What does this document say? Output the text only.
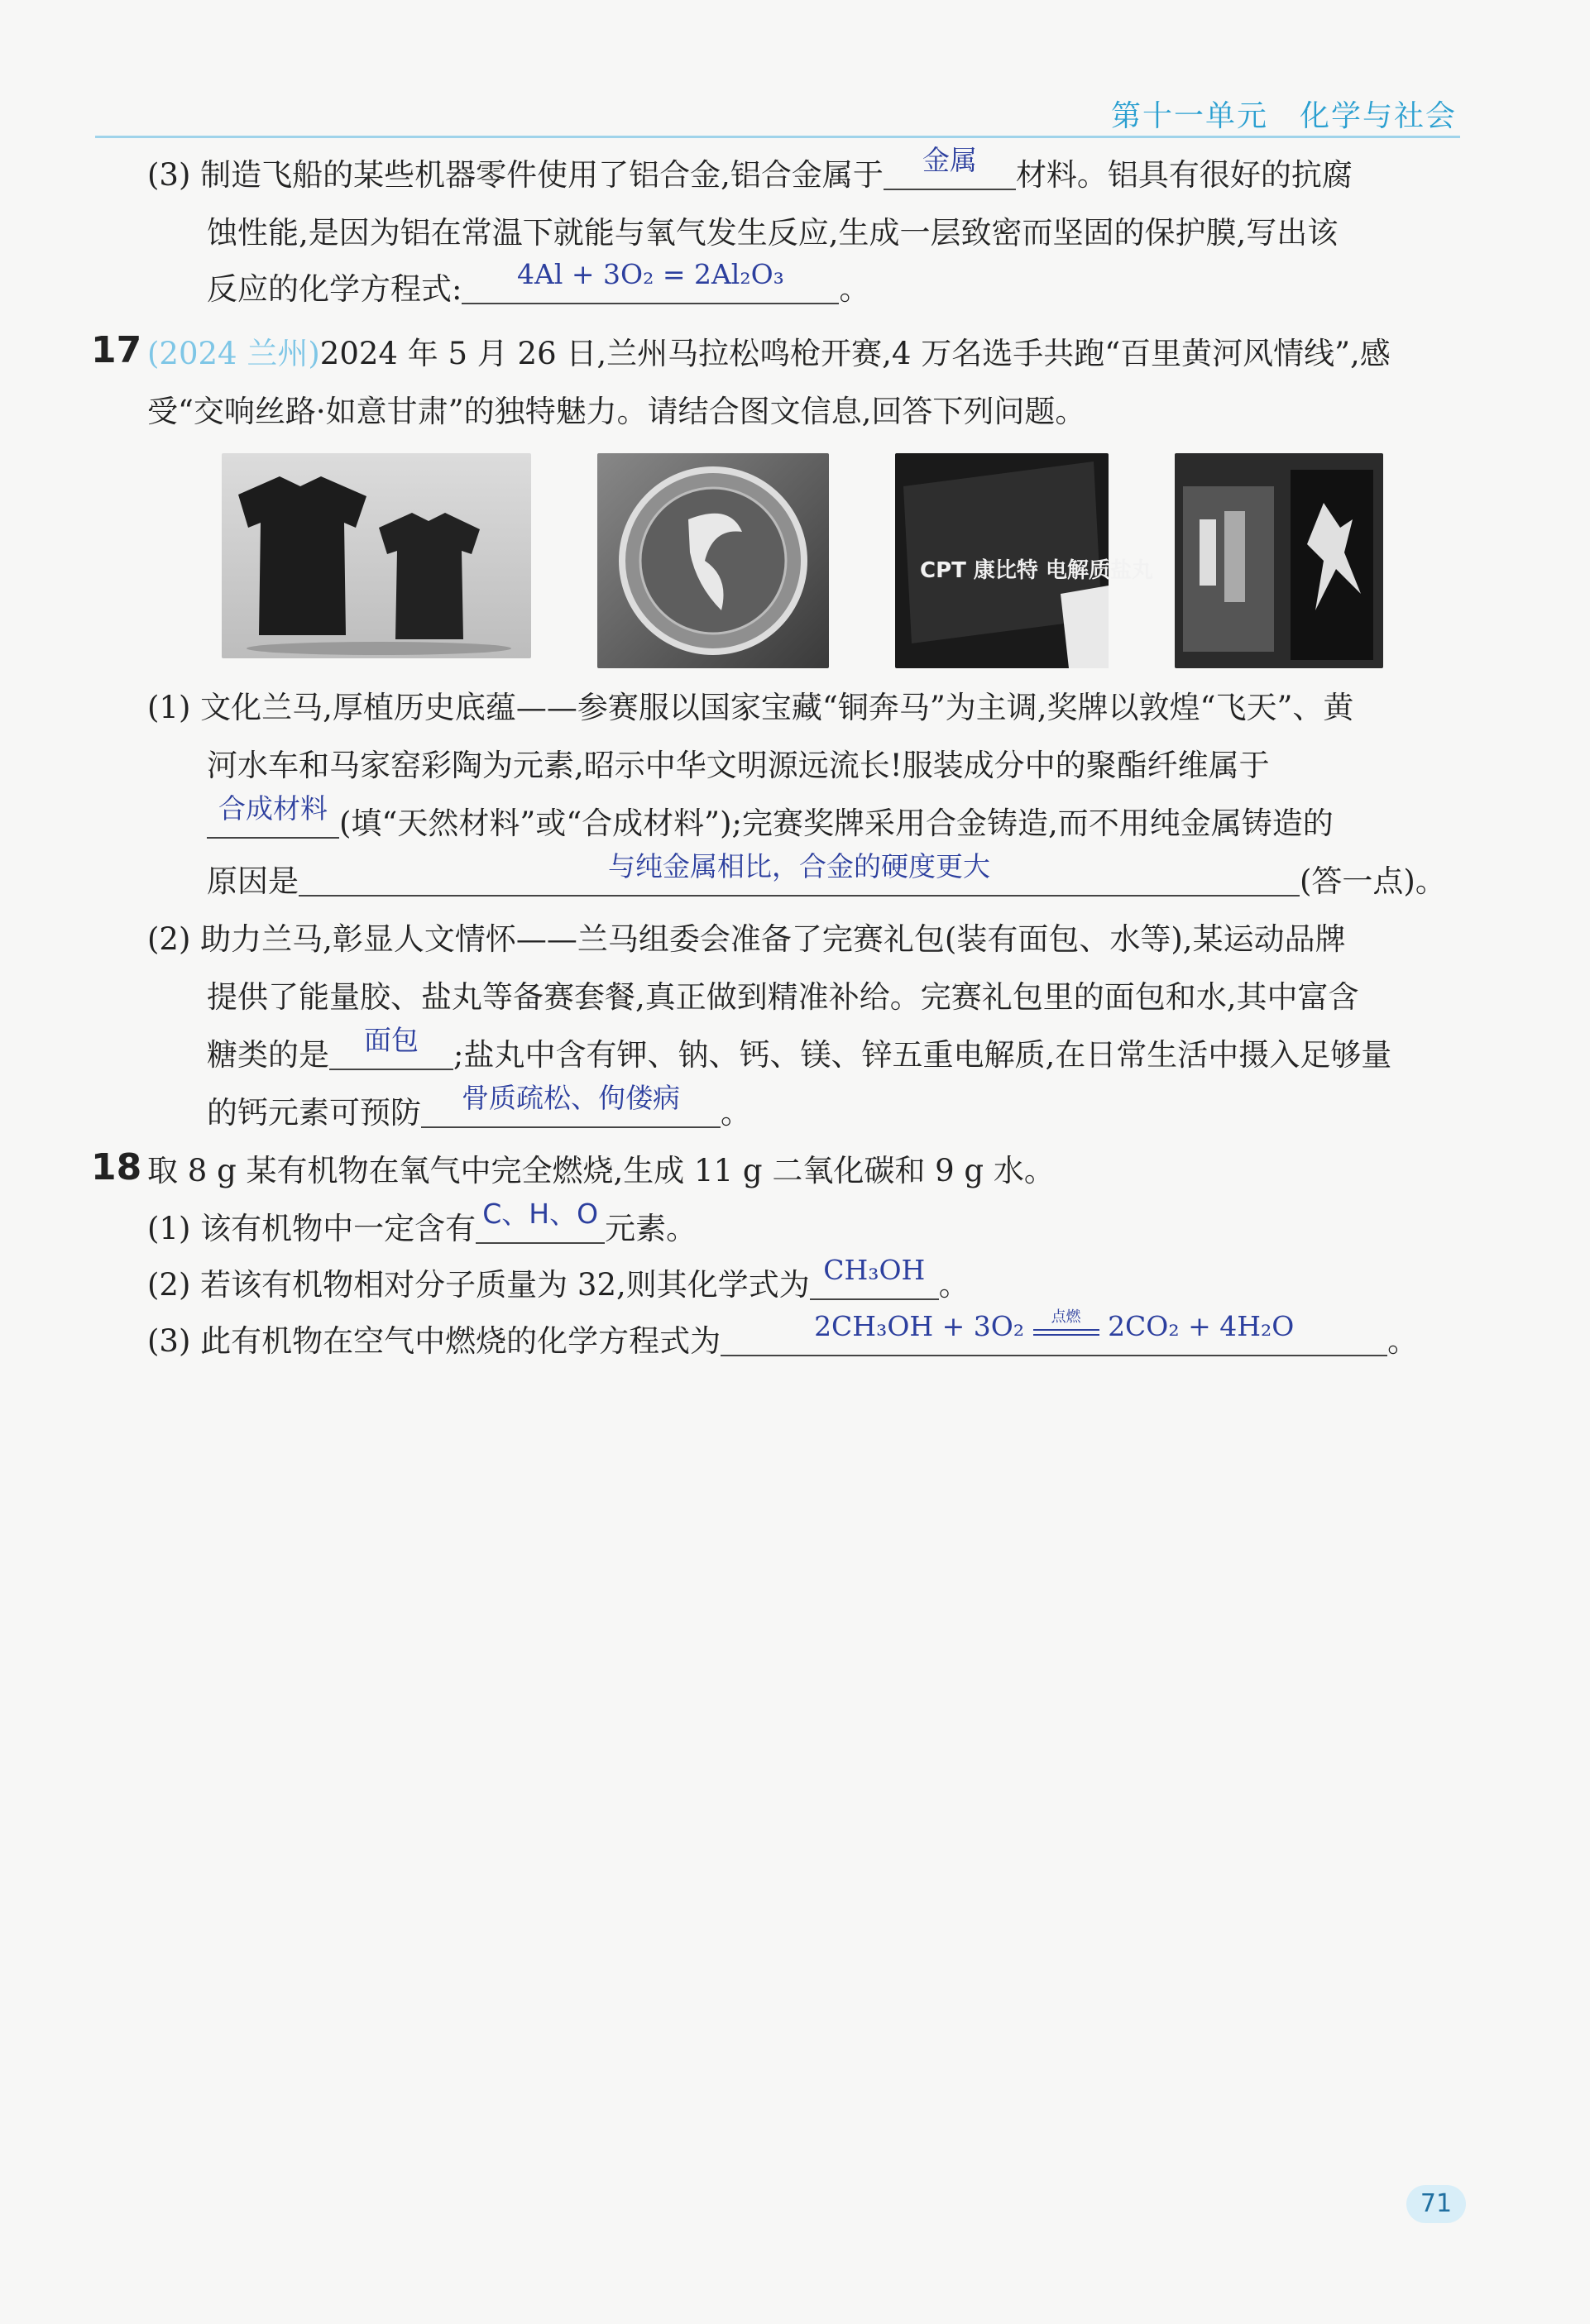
第十一单元　化学与社会
(3) 制造飞船的某些机器零件使用了铝合金,铝合金属于	金属	材料。铝具有很好的抗腐
蚀性能,是因为铝在常温下就能与氧气发生反应,生成一层致密而坚固的保护膜,写出该
反应的化学方程式:	4Al + 3O₂ = 2Al₂O₃	。
17 (2024 兰州)2024 年 5 月 26 日,兰州马拉松鸣枪开赛,4 万名选手共跑“百里黄河风情线”,感
受“交响丝路·如意甘肃”的独特魅力。请结合图文信息,回答下列问题。
CPT 康比特 电解质盐丸
(1) 文化兰马,厚植历史底蕴——参赛服以国家宝藏“铜奔马”为主调,奖牌以敦煌“飞天”、黄
河水车和马家窑彩陶为元素,昭示中华文明源远流长!服装成分中的聚酯纤维属于
合成材料 (填“天然材料”或“合成材料”);完赛奖牌采用合金铸造,而不用纯金属铸造的
原因是	与纯金属相比，合金的硬度更大	(答一点)。
(2) 助力兰马,彰显人文情怀——兰马组委会准备了完赛礼包(装有面包、水等),某运动品牌
提供了能量胶、盐丸等备赛套餐,真正做到精准补给。完赛礼包里的面包和水,其中富含
糖类的是	面包	;盐丸中含有钾、钠、钙、镁、锌五重电解质,在日常生活中摄入足够量
的钙元素可预防	骨质疏松、佝偻病	。
18 取 8 g 某有机物在氧气中完全燃烧,生成 11 g 二氧化碳和 9 g 水。
(1) 该有机物中一定含有 C、H、O 元素。
(2) 若该有机物相对分子质量为 32,则其化学式为 CH₃OH 。
(3) 此有机物在空气中燃烧的化学方程式为	2CH₃OH + 3O₂	点燃 2CO₂ + 4H₂O	。
71
